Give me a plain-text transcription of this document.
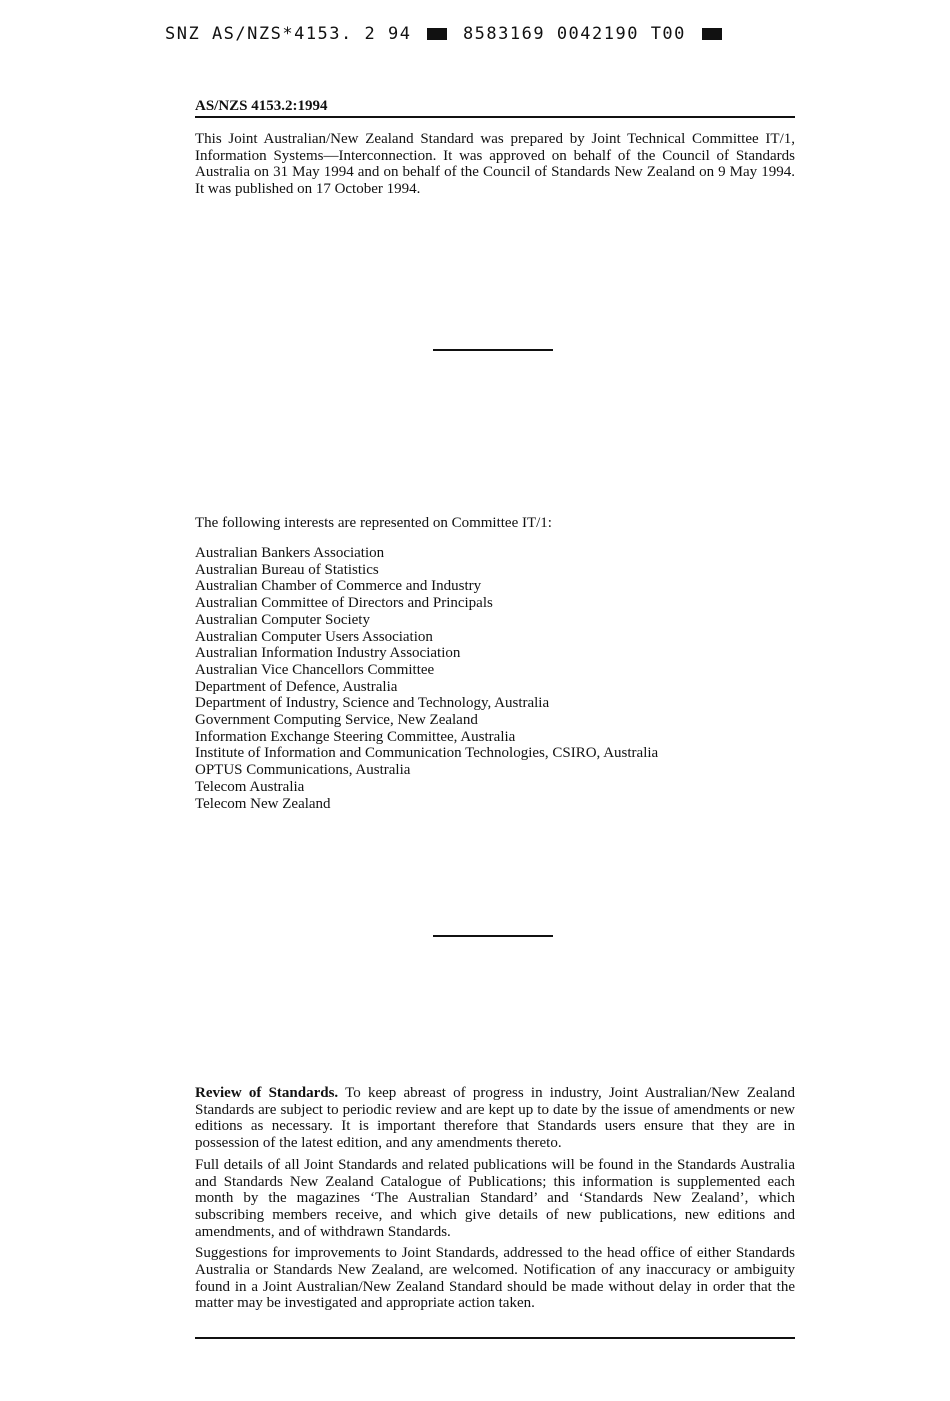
SNZ AS/NZS*4153. 2 94	8583169 0042190 T00
AS/NZS 4153.2:1994
This Joint Australian/New Zealand Standard was prepared by Joint Technical Committee IT/1, Information Systems—Interconnection. It was approved on behalf of the Council of Standards Australia on 31 May 1994 and on behalf of the Council of Standards New Zealand on 9 May 1994. It was published on 17 October 1994.
The following interests are represented on Committee IT/1:
Australian Bankers Association
Australian Bureau of Statistics
Australian Chamber of Commerce and Industry
Australian Committee of Directors and Principals
Australian Computer Society
Australian Computer Users Association
Australian Information Industry Association
Australian Vice Chancellors Committee
Department of Defence, Australia
Department of Industry, Science and Technology, Australia
Government Computing Service, New Zealand
Information Exchange Steering Committee, Australia
Institute of Information and Communication Technologies, CSIRO, Australia
OPTUS Communications, Australia
Telecom Australia
Telecom New Zealand

Review of Standards. To keep abreast of progress in industry, Joint Australian/New Zealand Standards are subject to periodic review and are kept up to date by the issue of amendments or new editions as necessary. It is important therefore that Standards users ensure that they are in possession of the latest edition, and any amendments thereto.

Full details of all Joint Standards and related publications will be found in the Standards Australia and Standards New Zealand Catalogue of Publications; this information is supplemented each month by the magazines ‘The Australian Standard’ and ‘Standards New Zealand’, which subscribing members receive, and which give details of new publications, new editions and amendments, and of withdrawn Standards.

Suggestions for improvements to Joint Standards, addressed to the head office of either Standards Australia or Standards New Zealand, are welcomed. Notification of any inaccuracy or ambiguity found in a Joint Australian/New Zealand Standard should be made without delay in order that the matter may be investigated and appropriate action taken.
